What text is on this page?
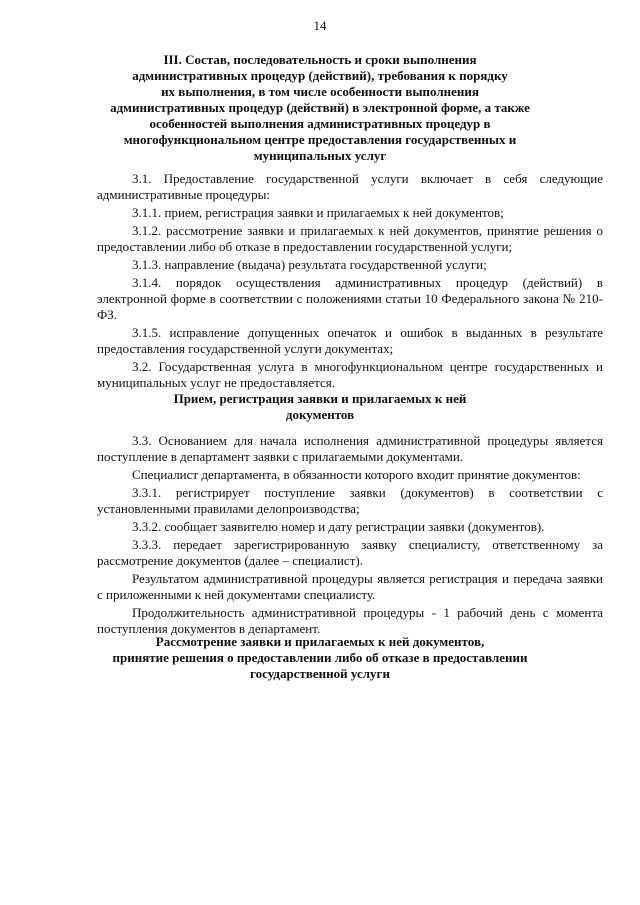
14
III. Состав, последовательность и сроки выполнения
административных процедур (действий), требования к порядку
их выполнения, в том числе особенности выполнения
административных процедур (действий) в электронной форме, а также
особенностей выполнения административных процедур в
многофункциональном центре предоставления государственных и
муниципальных услуг

3.1. Предоставление государственной услуги включает в себя следующие административные процедуры:

3.1.1. прием, регистрация заявки и прилагаемых к ней документов;

3.1.2. рассмотрение заявки и прилагаемых к ней документов, принятие решения о предоставлении либо об отказе в предоставлении государственной услуги;

3.1.3. направление (выдача) результата государственной услуги;

3.1.4. порядок осуществления административных процедур (действий) в электронной форме в соответствии с положениями статьи 10 Федерального закона № 210-ФЗ.

3.1.5. исправление допущенных опечаток и ошибок в выданных в результате предоставления государственной услуги документах;

3.2. Государственная услуга в многофункциональном центре государственных и муниципальных услуг не предоставляется.

Прием, регистрация заявки и прилагаемых к ней
документов

3.3. Основанием для начала исполнения административной процедуры является поступление в департамент заявки с прилагаемыми документами.

Специалист департамента, в обязанности которого входит принятие документов:

3.3.1. регистрирует поступление заявки (документов) в соответствии с установленными правилами делопроизводства;

3.3.2. сообщает заявителю номер и дату регистрации заявки (документов).

3.3.3. передает зарегистрированную заявку специалисту, ответственному за рассмотрение документов (далее – специалист).

Результатом административной процедуры является регистрация и передача заявки с приложенными к ней документами специалисту.

Продолжительность административной процедуры - 1 рабочий день с момента поступления документов в департамент.

Рассмотрение заявки и прилагаемых к ней документов,
принятие решения о предоставлении либо об отказе в предоставлении
государственной услуги
